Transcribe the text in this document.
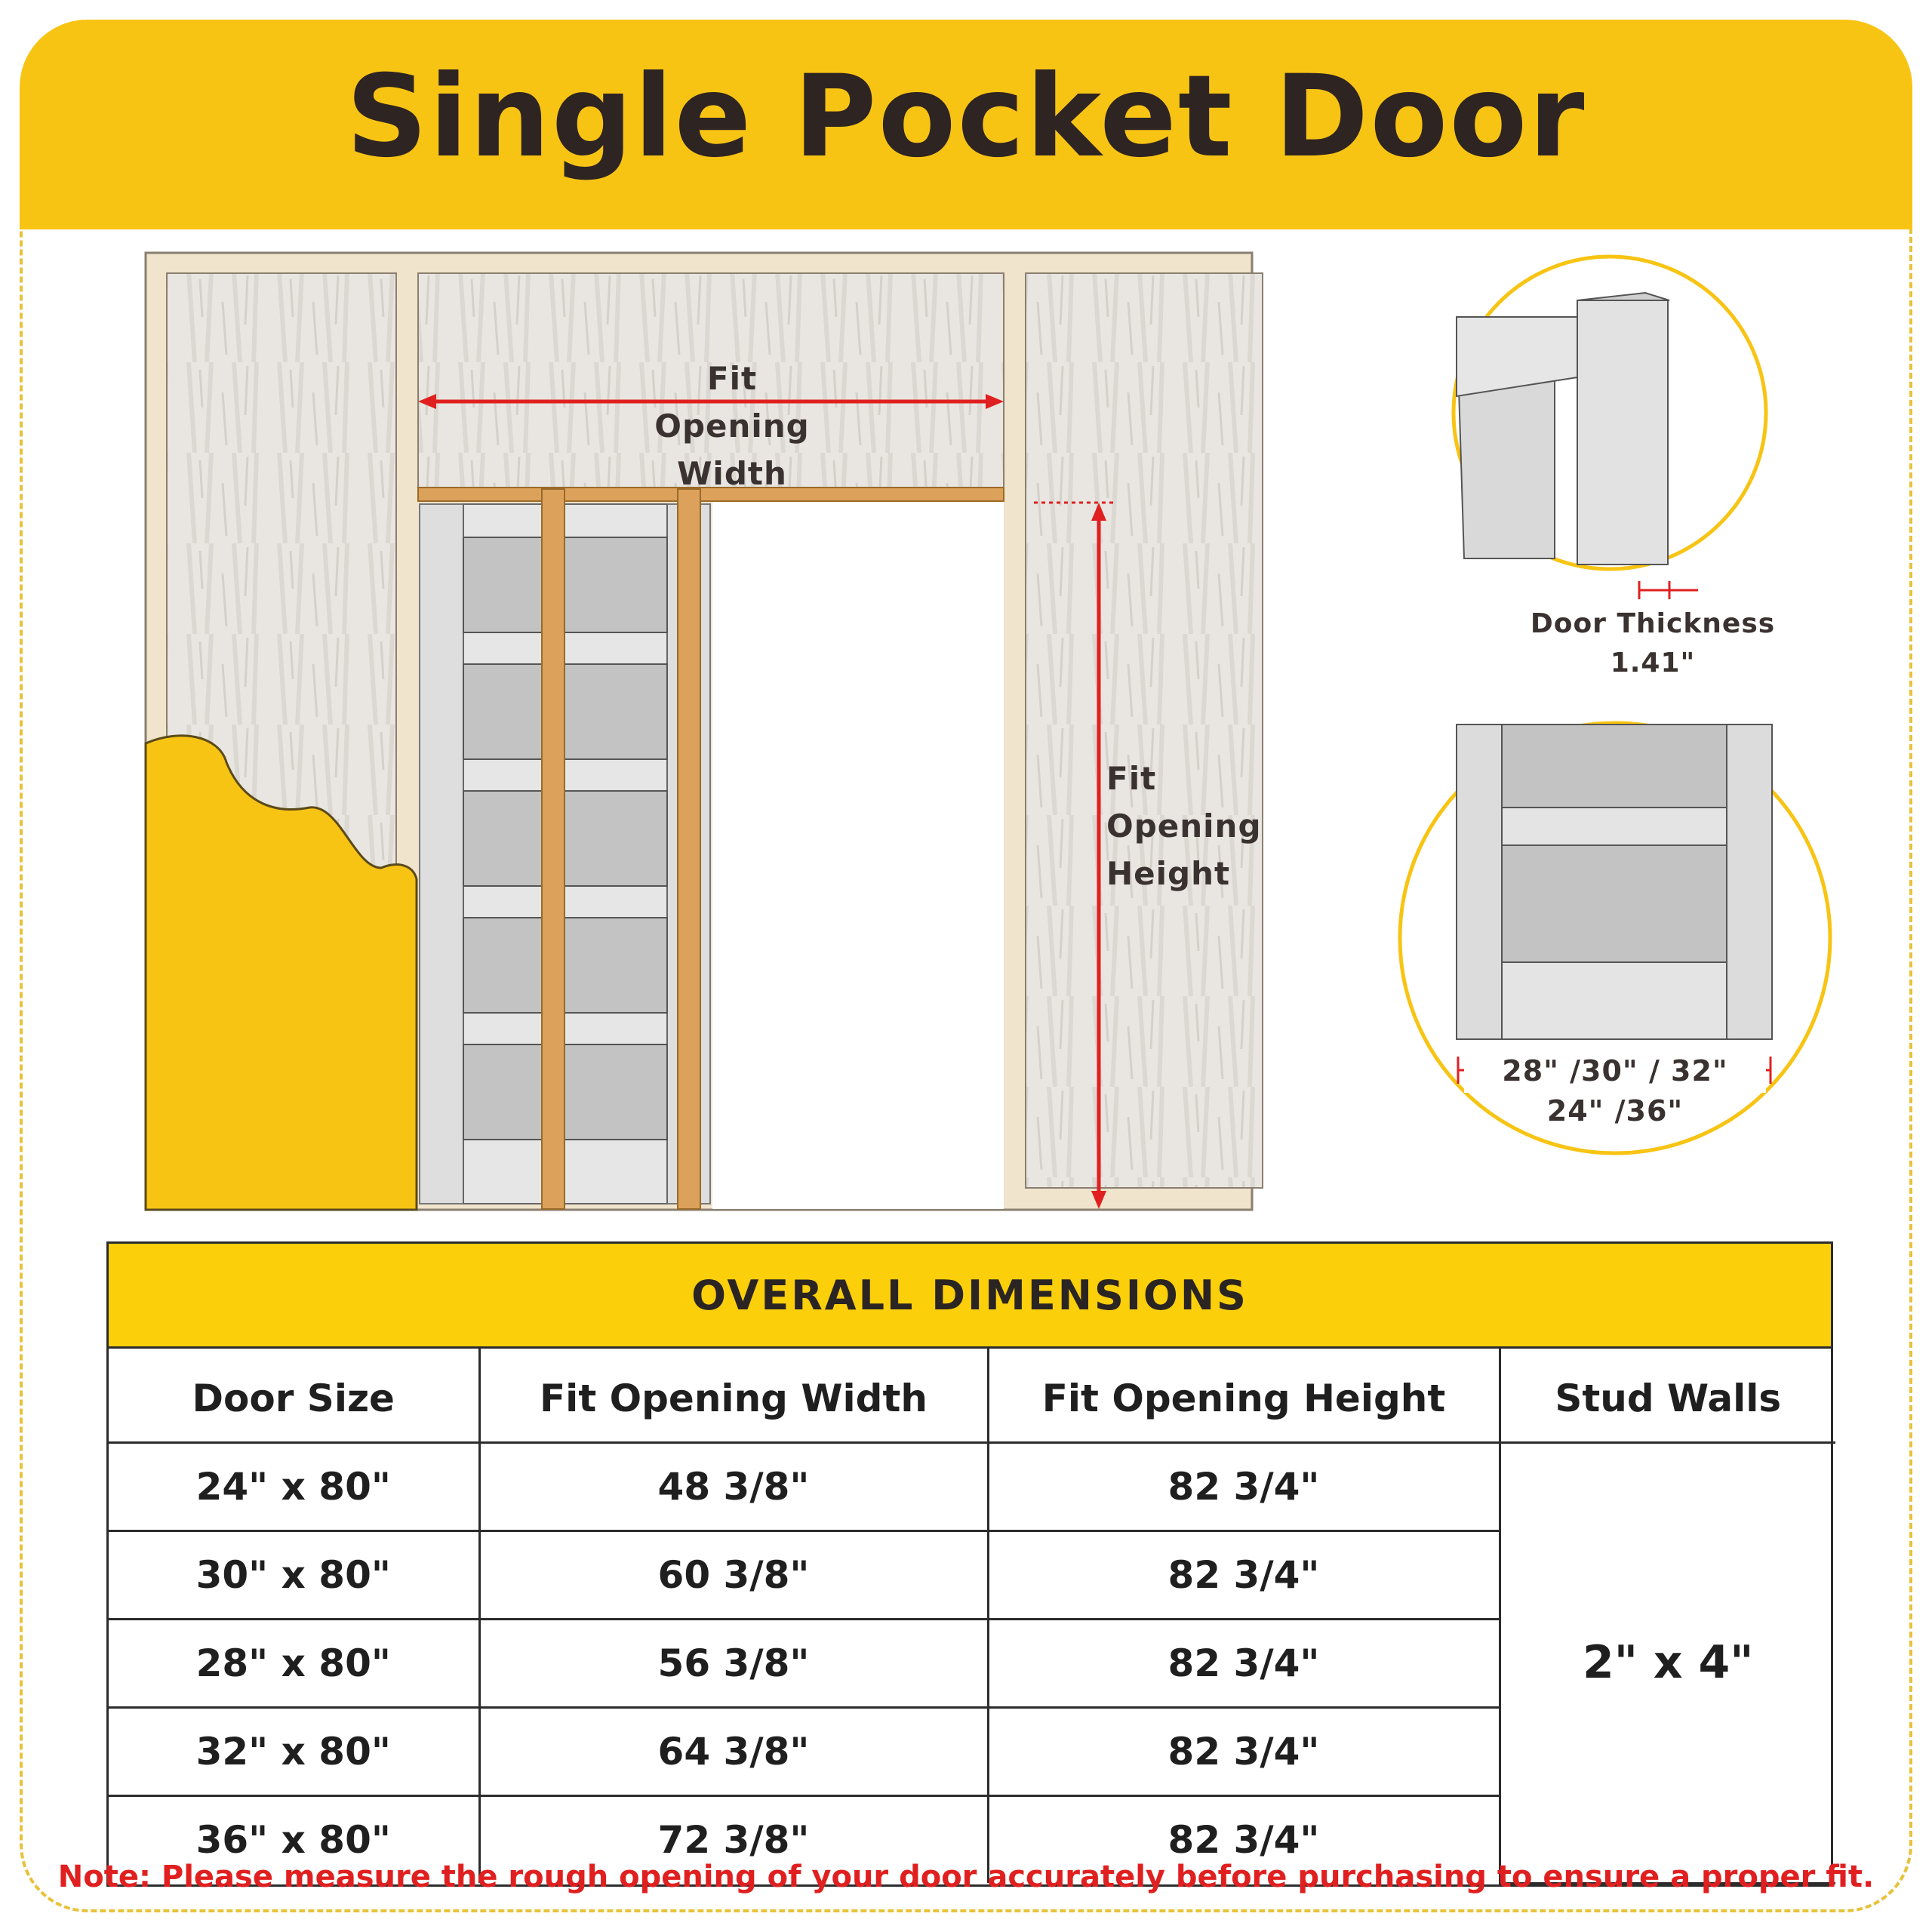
Single Pocket Door
Fit Opening Width
Fit Opening Height
Door Thickness
1.41"
28" /30" / 32"
24" /36"
OVERALL DIMENSIONS
Door Size	Fit Opening Width	Fit Opening Height	Stud Walls
24" x 80"	48 3/8"	82 3/4"	2" x 4"
30" x 80"	60 3/8"	82 3/4"	
28" x 80"	56 3/8"	82 3/4"	
32" x 80"	64 3/8"	82 3/4"	
36" x 80"	72 3/8"	82 3/4"	
Note: Please measure the rough opening of your door accurately before purchasing to ensure a proper fit.
